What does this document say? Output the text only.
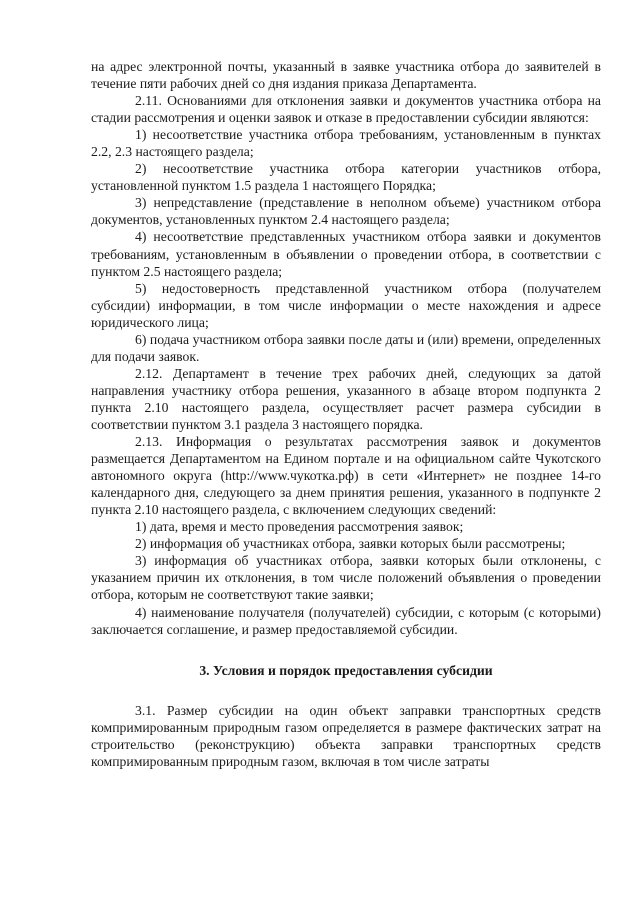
на адрес электронной почты, указанный в заявке участника отбора до заявителей в течение пяти рабочих дней со дня издания приказа Департамента.

2.11. Основаниями для отклонения заявки и документов участника отбора на стадии рассмотрения и оценки заявок и отказе в предоставлении субсидии являются:

1) несоответствие участника отбора требованиям, установленным в пунктах 2.2, 2.3 настоящего раздела;

2) несоответствие участника отбора категории участников отбора, установленной пунктом 1.5 раздела 1 настоящего Порядка;

3) непредставление (представление в неполном объеме) участником отбора документов, установленных пунктом 2.4 настоящего раздела;

4) несоответствие представленных участником отбора заявки и документов требованиям, установленным в объявлении о проведении отбора, в соответствии с пунктом 2.5 настоящего раздела;

5) недостоверность представленной участником отбора (получателем субсидии) информации, в том числе информации о месте нахождения и адресе юридического лица;

6) подача участником отбора заявки после даты и (или) времени, определенных для подачи заявок.

2.12. Департамент в течение трех рабочих дней, следующих за датой направления участнику отбора решения, указанного в абзаце втором подпункта 2 пункта 2.10 настоящего раздела, осуществляет расчет размера субсидии в соответствии пунктом 3.1 раздела 3 настоящего порядка.

2.13. Информация о результатах рассмотрения заявок и документов размещается Департаментом на Едином портале и на официальном сайте Чукотского автономного округа (http://www.чукотка.рф) в сети «Интернет» не позднее 14-го календарного дня, следующего за днем принятия решения, указанного в подпункте 2 пункта 2.10 настоящего раздела, с включением следующих сведений:

1) дата, время и место проведения рассмотрения заявок;

2) информация об участниках отбора, заявки которых были рассмотрены;

3) информация об участниках отбора, заявки которых были отклонены, с указанием причин их отклонения, в том числе положений объявления о проведении отбора, которым не соответствуют такие заявки;

4) наименование получателя (получателей) субсидии, с которым (с которыми) заключается соглашение, и размер предоставляемой субсидии.

3. Условия и порядок предоставления субсидии

3.1. Размер субсидии на один объект заправки транспортных средств компримированным природным газом определяется в размере фактических затрат на строительство (реконструкцию) объекта заправки транспортных средств компримированным природным газом, включая в том числе затраты
